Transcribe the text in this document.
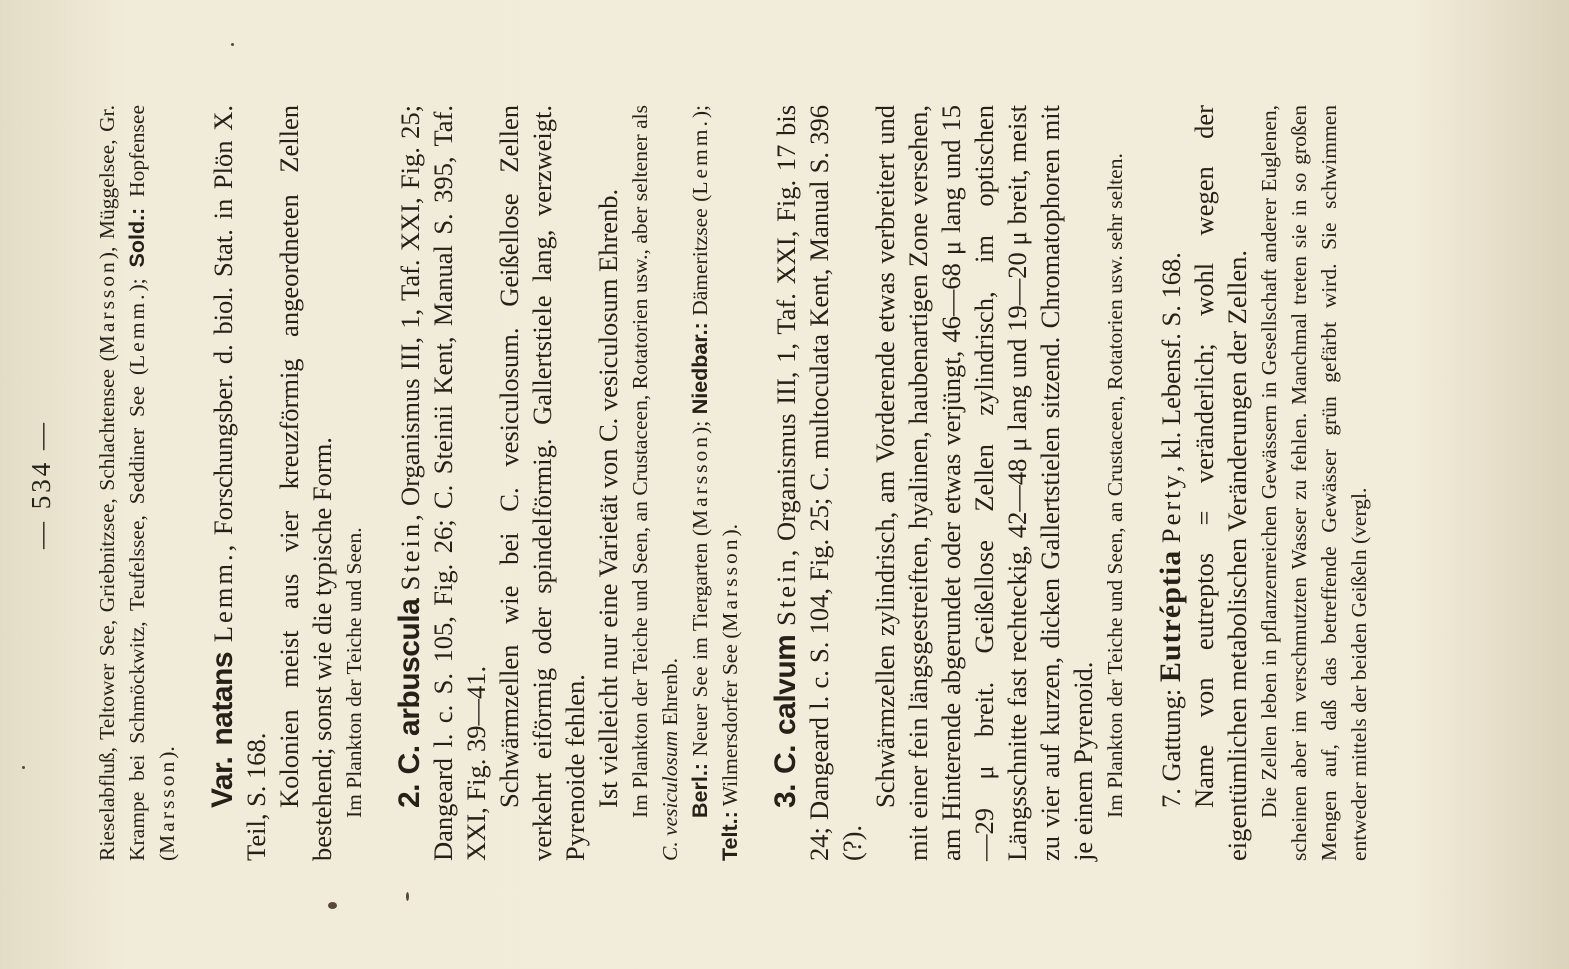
— 534 — Rieselabfluß, Teltower See, Griebnitzsee, Schlachtensee (Marsson), Müggelsee, Gr. Krampe bei Schmöckwitz, Teufelssee, Seddiner See (Lemm.); Sold.: Hopfensee (Marsson). Var. natans Lemm., Forschungsber. d. biol. Stat. in Plön X. Teil, S. 168. Kolonien meist aus vier kreuzförmig angeordneten Zellen bestehend; sonst wie die typische Form. Im Plankton der Teiche und Seen. 2. C. arbuscula Stein, Organismus III, 1, Taf. XXI, Fig. 25; Dangeard l. c. S. 105, Fig. 26; C. Steinii Kent, Manual S. 395, Taf. XXI, Fig. 39—41. Schwärmzellen wie bei C. vesiculosum. Geißellose Zellen verkehrt eiförmig oder spindelförmig. Gallertstiele lang, verzweigt. Pyrenoide fehlen. Ist vielleicht nur eine Varietät von C. vesiculosum Ehrenb. Im Plankton der Teiche und Seen, an Crustaceen, Rotatorien usw., aber seltener als C. vesiculosum Ehrenb.

Berl.: Neuer See im Tiergarten (Marsson); Niedbar.: Dämeritzsee (Lemm.); Telt.: Wilmersdorfer See (Marsson).

3. C. calvum Stein, Organismus III, 1, Taf. XXI, Fig. 17 bis 24; Dangeard l. c. S. 104, Fig. 25; C. multoculata Kent, Manual S. 396 (?).

Schwärmzellen zylindrisch, am Vorderende etwas verbreitert und mit einer fein längsgestreiften, hyalinen, haubenartigen Zone versehen, am Hinterende abgerundet oder etwas verjüngt, 46—68 μ lang und 15—29 μ breit. Geißellose Zellen zylindrisch, im optischen Längsschnitte fast rechteckig, 42—48 μ lang und 19—20 μ breit, meist zu vier auf kurzen, dicken Gallertstielen sitzend. Chromatophoren mit je einem Pyrenoid. Im Plankton der Teiche und Seen, an Crustaceen, Rotatorien usw. sehr selten. 7. Gattung: Eutréptia Perty, kl. Lebensf. S. 168. Name von eutreptos = veränderlich; wohl wegen der eigentümlichen metabolischen Veränderungen der Zellen. Die Zellen leben in pflanzenreichen Gewässern in Gesellschaft anderer Euglenen, scheinen aber im verschmutzten Wasser zu fehlen. Manchmal treten sie in so großen Mengen auf, daß das betreffende Gewässer grün gefärbt wird. Sie schwimmen entweder mittels der beiden Geißeln (vergl.
